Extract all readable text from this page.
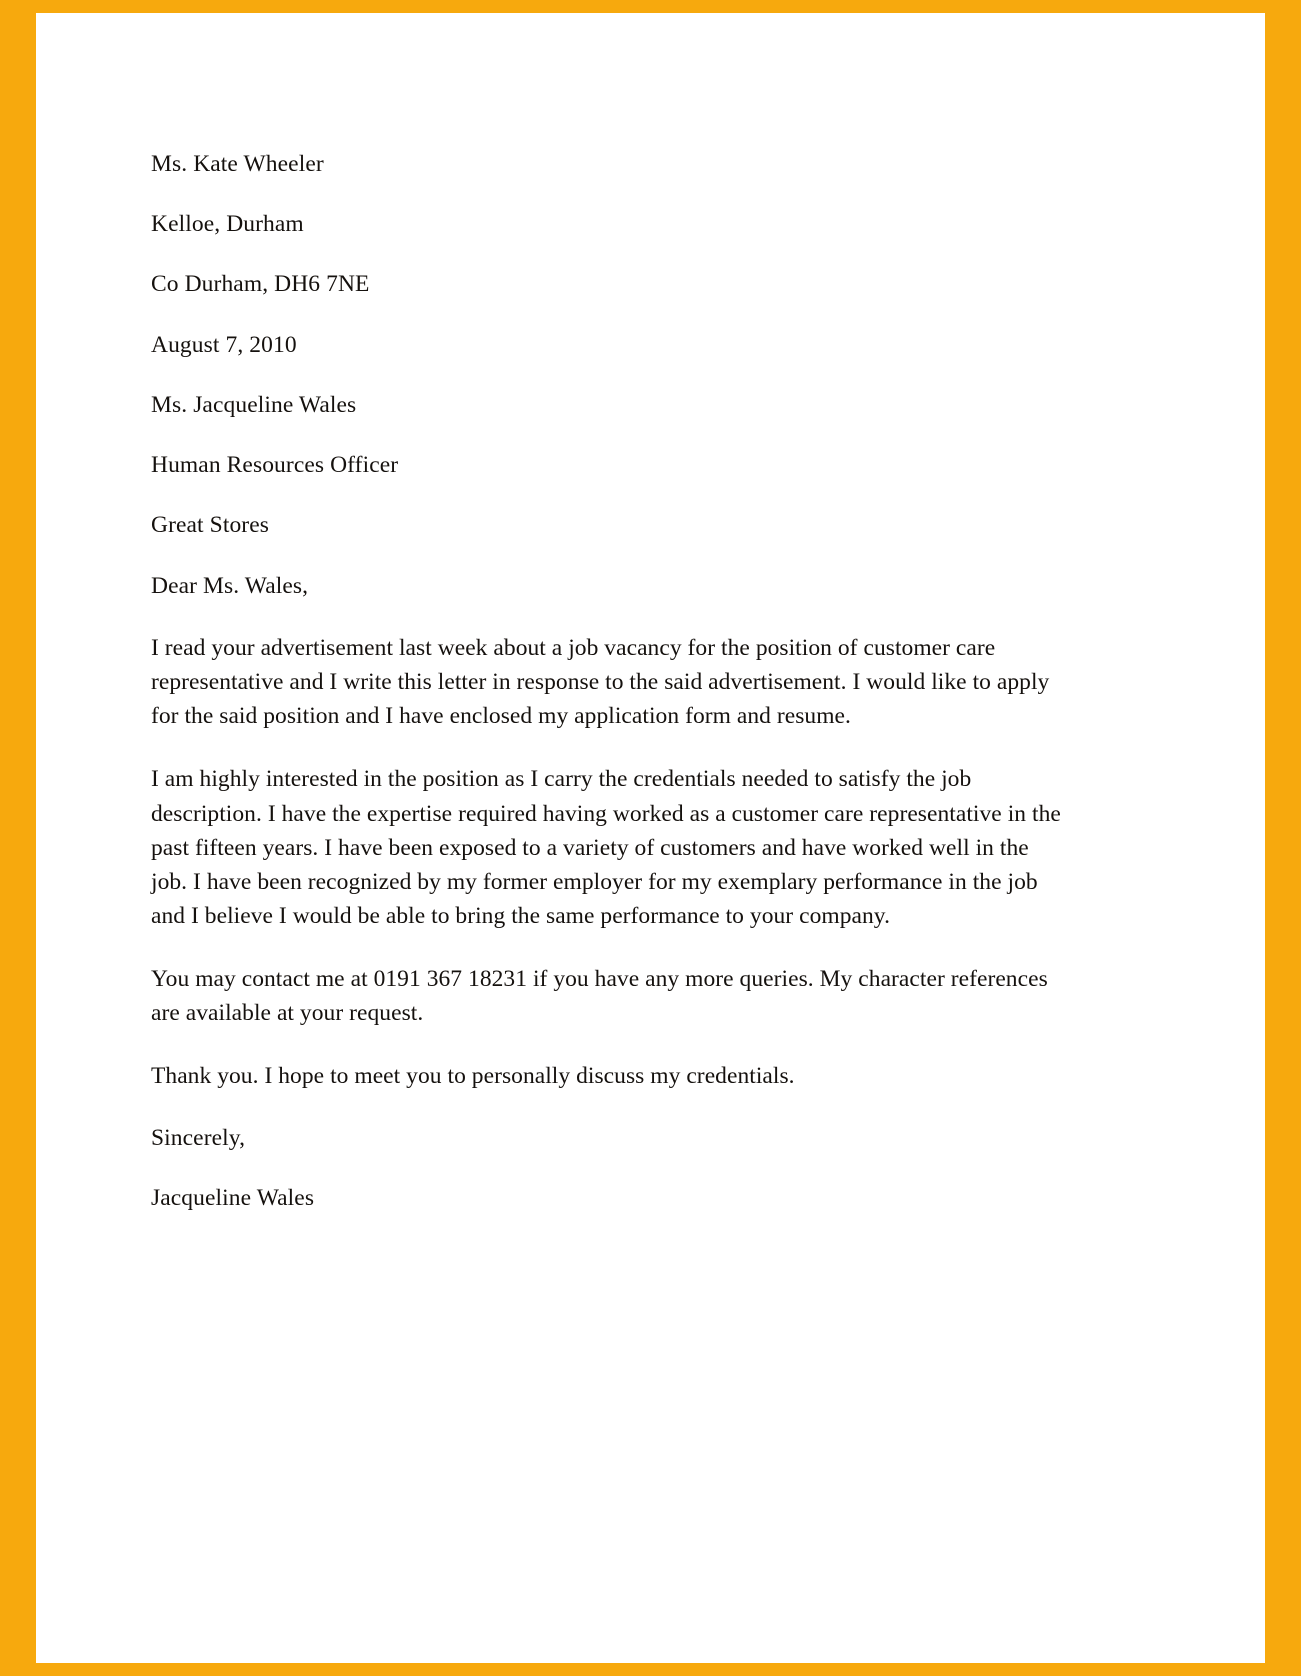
Ms. Kate Wheeler

Kelloe, Durham

Co Durham, DH6 7NE

August 7, 2010

Ms. Jacqueline Wales

Human Resources Officer

Great Stores

Dear Ms. Wales,

I read your advertisement last week about a job vacancy for the position of customer care representative and I write this letter in response to the said advertisement. I would like to apply for the said position and I have enclosed my application form and resume.

I am highly interested in the position as I carry the credentials needed to satisfy the job description. I have the expertise required having worked as a customer care representative in the past fifteen years. I have been exposed to a variety of customers and have worked well in the job. I have been recognized by my former employer for my exemplary performance in the job and I believe I would be able to bring the same performance to your company.

You may contact me at 0191 367 18231 if you have any more queries. My character references are available at your request.

Thank you. I hope to meet you to personally discuss my credentials.

Sincerely,

Jacqueline Wales
